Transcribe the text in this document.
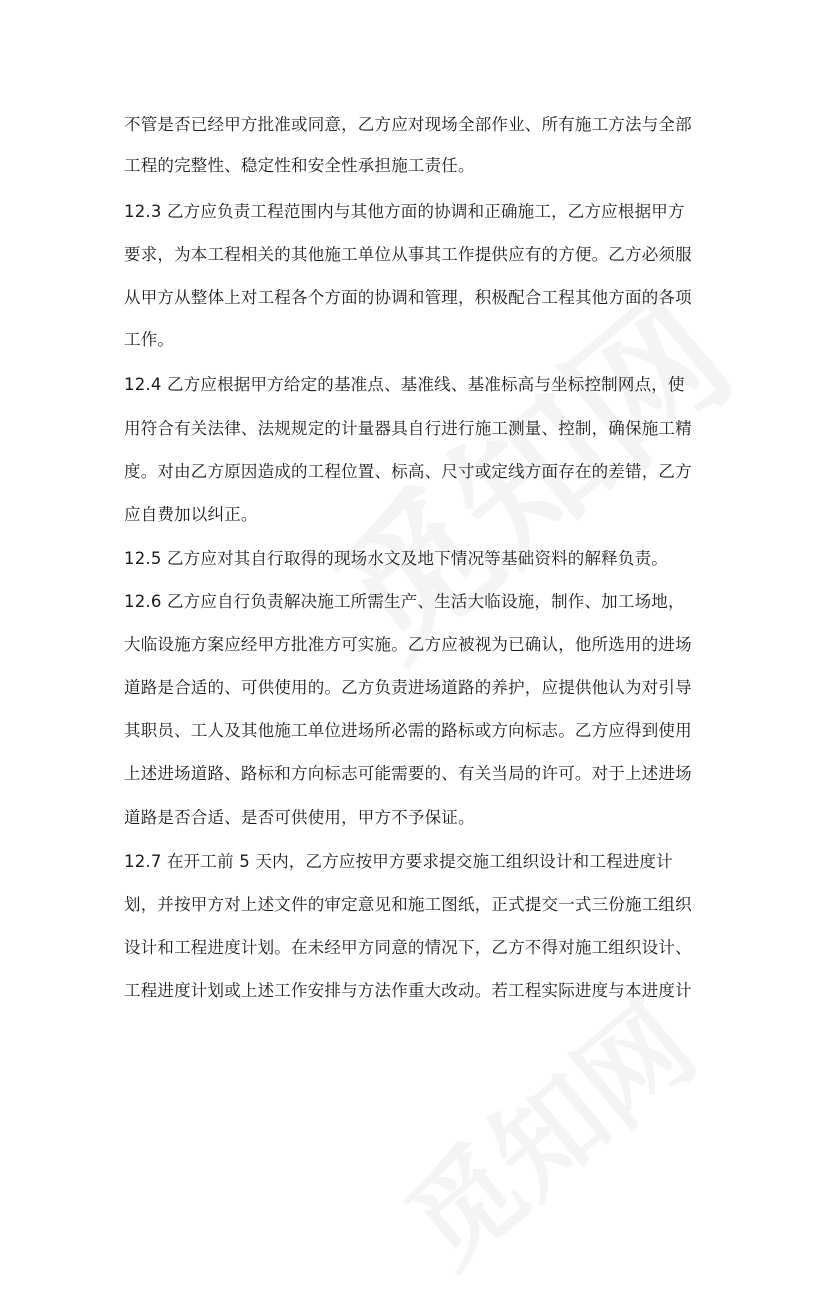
不管是否已经甲方批准或同意，乙方应对现场全部作业、所有施工方法与全部
工程的完整性、稳定性和安全性承担施工责任。
12.3 乙方应负责工程范围内与其他方面的协调和正确施工，乙方应根据甲方
要求，为本工程相关的其他施工单位从事其工作提供应有的方便。乙方必须服
从甲方从整体上对工程各个方面的协调和管理，积极配合工程其他方面的各项
工作。
12.4 乙方应根据甲方给定的基准点、基准线、基准标高与坐标控制网点，使
用符合有关法律、法规规定的计量器具自行进行施工测量、控制，确保施工精
度。对由乙方原因造成的工程位置、标高、尺寸或定线方面存在的差错，乙方
应自费加以纠正。
12.5 乙方应对其自行取得的现场水文及地下情况等基础资料的解释负责。
12.6 乙方应自行负责解决施工所需生产、生活大临设施，制作、加工场地，
大临设施方案应经甲方批准方可实施。乙方应被视为已确认，他所选用的进场
道路是合适的、可供使用的。乙方负责进场道路的养护，应提供他认为对引导
其职员、工人及其他施工单位进场所必需的路标或方向标志。乙方应得到使用
上述进场道路、路标和方向标志可能需要的、有关当局的许可。对于上述进场
道路是否合适、是否可供使用，甲方不予保证。
12.7 在开工前 5 天内，乙方应按甲方要求提交施工组织设计和工程进度计
划，并按甲方对上述文件的审定意见和施工图纸，正式提交一式三份施工组织
设计和工程进度计划。在未经甲方同意的情况下，乙方不得对施工组织设计、
工程进度计划或上述工作安排与方法作重大改动。若工程实际进度与本进度计
